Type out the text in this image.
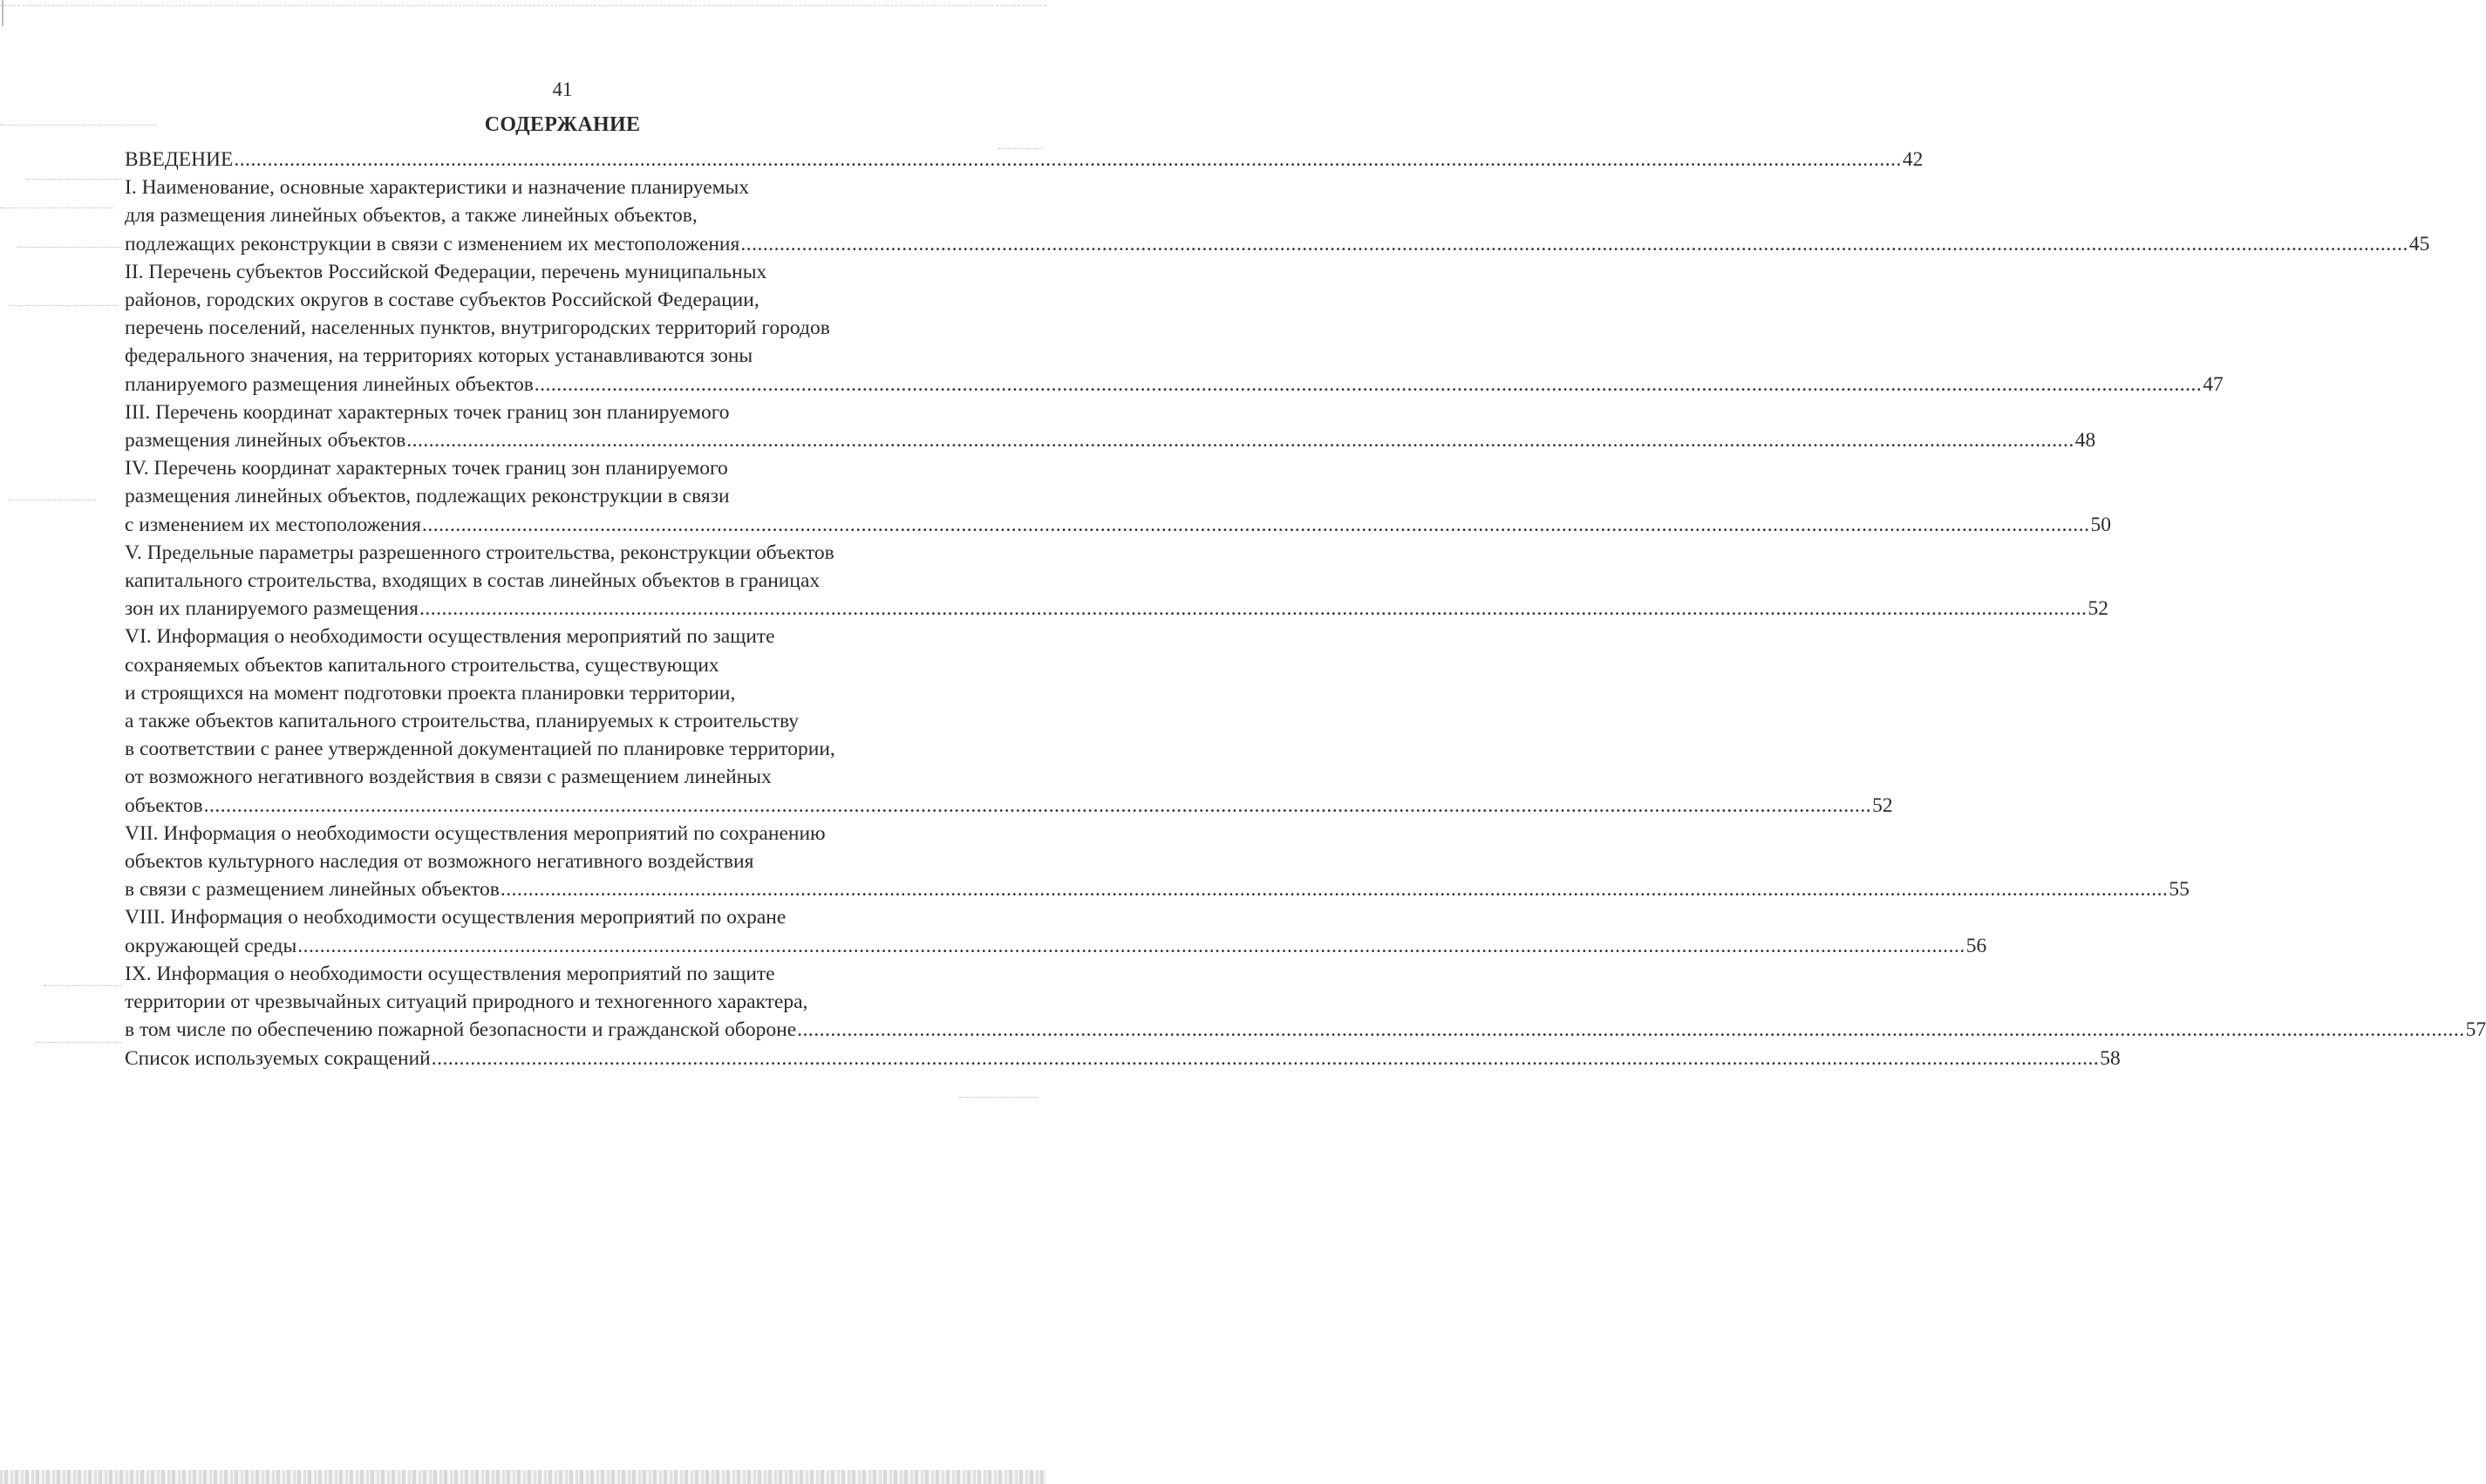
41
СОДЕРЖАНИЕ
ВВЕДЕНИЕ ............................................................................................................................................................................................................................................................................................................ 42
I. Наименование, основные характеристики и назначение планируемых
для размещения линейных объектов, а также линейных объектов,
подлежащих реконструкции в связи с изменением их местоположения ............................................................................................................................................................................................................................................................................................................ 45
II. Перечень субъектов Российской Федерации, перечень муниципальных
районов, городских округов в составе субъектов Российской Федерации,
перечень поселений, населенных пунктов, внутригородских территорий городов
федерального значения, на территориях которых устанавливаются зоны
планируемого размещения линейных объектов ............................................................................................................................................................................................................................................................................................................ 47
III. Перечень координат характерных точек границ зон планируемого
размещения линейных объектов ............................................................................................................................................................................................................................................................................................................ 48
IV. Перечень координат характерных точек границ зон планируемого
размещения линейных объектов, подлежащих реконструкции в связи
с изменением их местоположения ............................................................................................................................................................................................................................................................................................................ 50
V. Предельные параметры разрешенного строительства, реконструкции объектов
капитального строительства, входящих в состав линейных объектов в границах
зон их планируемого размещения ............................................................................................................................................................................................................................................................................................................ 52
VI. Информация о необходимости осуществления мероприятий по защите
сохраняемых объектов капитального строительства, существующих
и строящихся на момент подготовки проекта планировки территории,
а также объектов капитального строительства, планируемых к строительству
в соответствии с ранее утвержденной документацией по планировке территории,
от возможного негативного воздействия в связи с размещением линейных
объектов ............................................................................................................................................................................................................................................................................................................ 52
VII. Информация о необходимости осуществления мероприятий по сохранению
объектов культурного наследия от возможного негативного воздействия
в связи с размещением линейных объектов ............................................................................................................................................................................................................................................................................................................ 55
VIII. Информация о необходимости осуществления мероприятий по охране
окружающей среды ............................................................................................................................................................................................................................................................................................................ 56
IX. Информация о необходимости осуществления мероприятий по защите
территории от чрезвычайных ситуаций природного и техногенного характера,
в том числе по обеспечению пожарной безопасности и гражданской обороне ............................................................................................................................................................................................................................................................................................................ 57
Список используемых сокращений ............................................................................................................................................................................................................................................................................................................ 58
